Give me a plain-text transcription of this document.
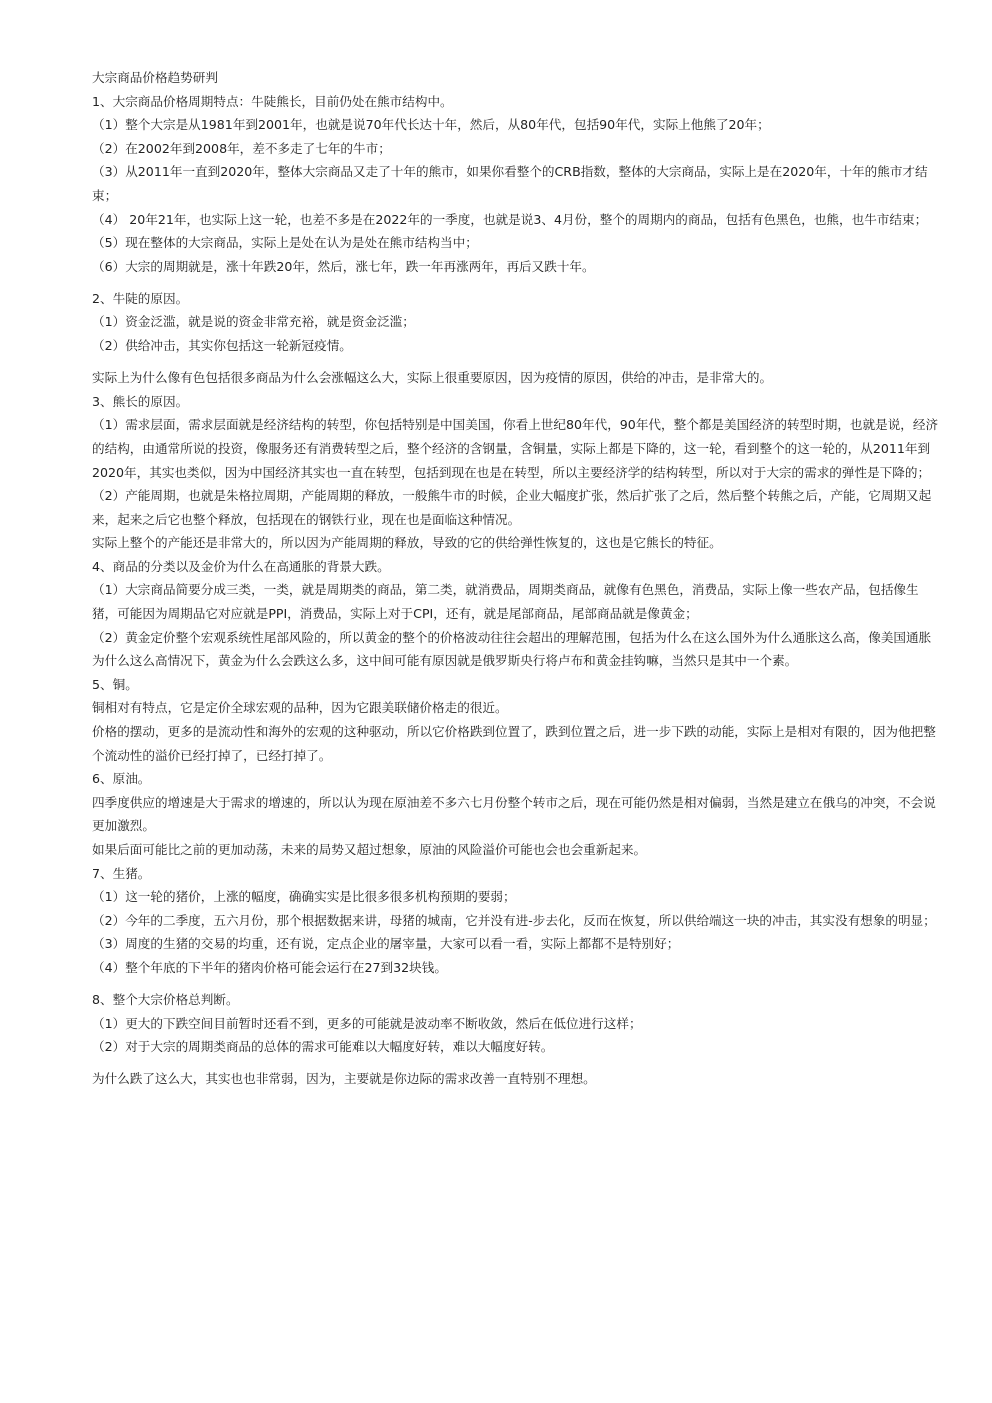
大宗商品价格趋势研判

1、大宗商品价格周期特点：牛陡熊长，目前仍处在熊市结构中。

（1）整个大宗是从1981年到2001年，也就是说70年代长达十年，然后，从80年代，包括90年代，实际上他熊了20年；

（2）在2002年到2008年，差不多走了七年的牛市；

（3）从2011年一直到2020年，整体大宗商品又走了十年的熊市，如果你看整个的CRB指数，整体的大宗商品，实际上是在2020年，十年的熊市才结束；

（4） 20年21年，也实际上这一轮，也差不多是在2022年的一季度，也就是说3、4月份，整个的周期内的商品，包括有色黑色，也熊，也牛市结束；

（5）现在整体的大宗商品，实际上是处在认为是处在熊市结构当中；

（6）大宗的周期就是，涨十年跌20年，然后，涨七年，跌一年再涨两年，再后又跌十年。

2、牛陡的原因。

（1）资金泛滥，就是说的资金非常充裕，就是资金泛滥；

（2）供给冲击，其实你包括这一轮新冠疫情。

实际上为什么像有色包括很多商品为什么会涨幅这么大，实际上很重要原因，因为疫情的原因，供给的冲击，是非常大的。

3、熊长的原因。

（1）需求层面，需求层面就是经济结构的转型，你包括特别是中国美国，你看上世纪80年代，90年代，整个都是美国经济的转型时期，也就是说，经济的结构，由通常所说的投资，像服务还有消费转型之后，整个经济的含钢量，含铜量，实际上都是下降的，这一轮，看到整个的这一轮的，从2011年到2020年，其实也类似，因为中国经济其实也一直在转型，包括到现在也是在转型，所以主要经济学的结构转型，所以对于大宗的需求的弹性是下降的；

（2）产能周期，也就是朱格拉周期，产能周期的释放，一般熊牛市的时候，企业大幅度扩张，然后扩张了之后，然后整个转熊之后，产能，它周期又起来，起来之后它也整个释放，包括现在的钢铁行业，现在也是面临这种情况。

实际上整个的产能还是非常大的，所以因为产能周期的释放，导致的它的供给弹性恢复的，这也是它熊长的特征。

4、商品的分类以及金价为什么在高通胀的背景大跌。

（1）大宗商品简要分成三类，一类，就是周期类的商品，第二类，就消费品，周期类商品，就像有色黑色，消费品，实际上像一些农产品，包括像生猪，可能因为周期品它对应就是PPI，消费品，实际上对于CPI，还有，就是尾部商品，尾部商品就是像黄金；

（2）黄金定价整个宏观系统性尾部风险的，所以黄金的整个的价格波动往往会超出的理解范围，包括为什么在这么国外为什么通胀这么高，像美国通胀为什么这么高情况下，黄金为什么会跌这么多，这中间可能有原因就是俄罗斯央行将卢布和黄金挂钩嘛，当然只是其中一个素。

5、铜。

铜相对有特点，它是定价全球宏观的品种，因为它跟美联储价格走的很近。

价格的摆动，更多的是流动性和海外的宏观的这种驱动，所以它价格跌到位置了，跌到位置之后，进一步下跌的动能，实际上是相对有限的，因为他把整个流动性的溢价已经打掉了，已经打掉了。

6、原油。

四季度供应的增速是大于需求的增速的，所以认为现在原油差不多六七月份整个转市之后，现在可能仍然是相对偏弱，当然是建立在俄乌的冲突，不会说更加激烈。

如果后面可能比之前的更加动荡，未来的局势又超过想象，原油的风险溢价可能也会也会重新起来。

7、生猪。

（1）这一轮的猪价，上涨的幅度，确确实实是比很多很多机构预期的要弱；

（2）今年的二季度，五六月份，那个根据数据来讲，母猪的城南，它并没有进-步去化，反而在恢复，所以供给端这一块的冲击，其实没有想象的明显；

（3）周度的生猪的交易的均重，还有说，定点企业的屠宰量，大家可以看一看，实际上都都不是特别好；

（4）整个年底的下半年的猪肉价格可能会运行在27到32块钱。

8、整个大宗价格总判断。

（1）更大的下跌空间目前暂时还看不到，更多的可能就是波动率不断收敛，然后在低位进行这样；

（2）对于大宗的周期类商品的总体的需求可能难以大幅度好转，难以大幅度好转。

为什么跌了这么大，其实也也非常弱，因为，主要就是你边际的需求改善一直特别不理想。
